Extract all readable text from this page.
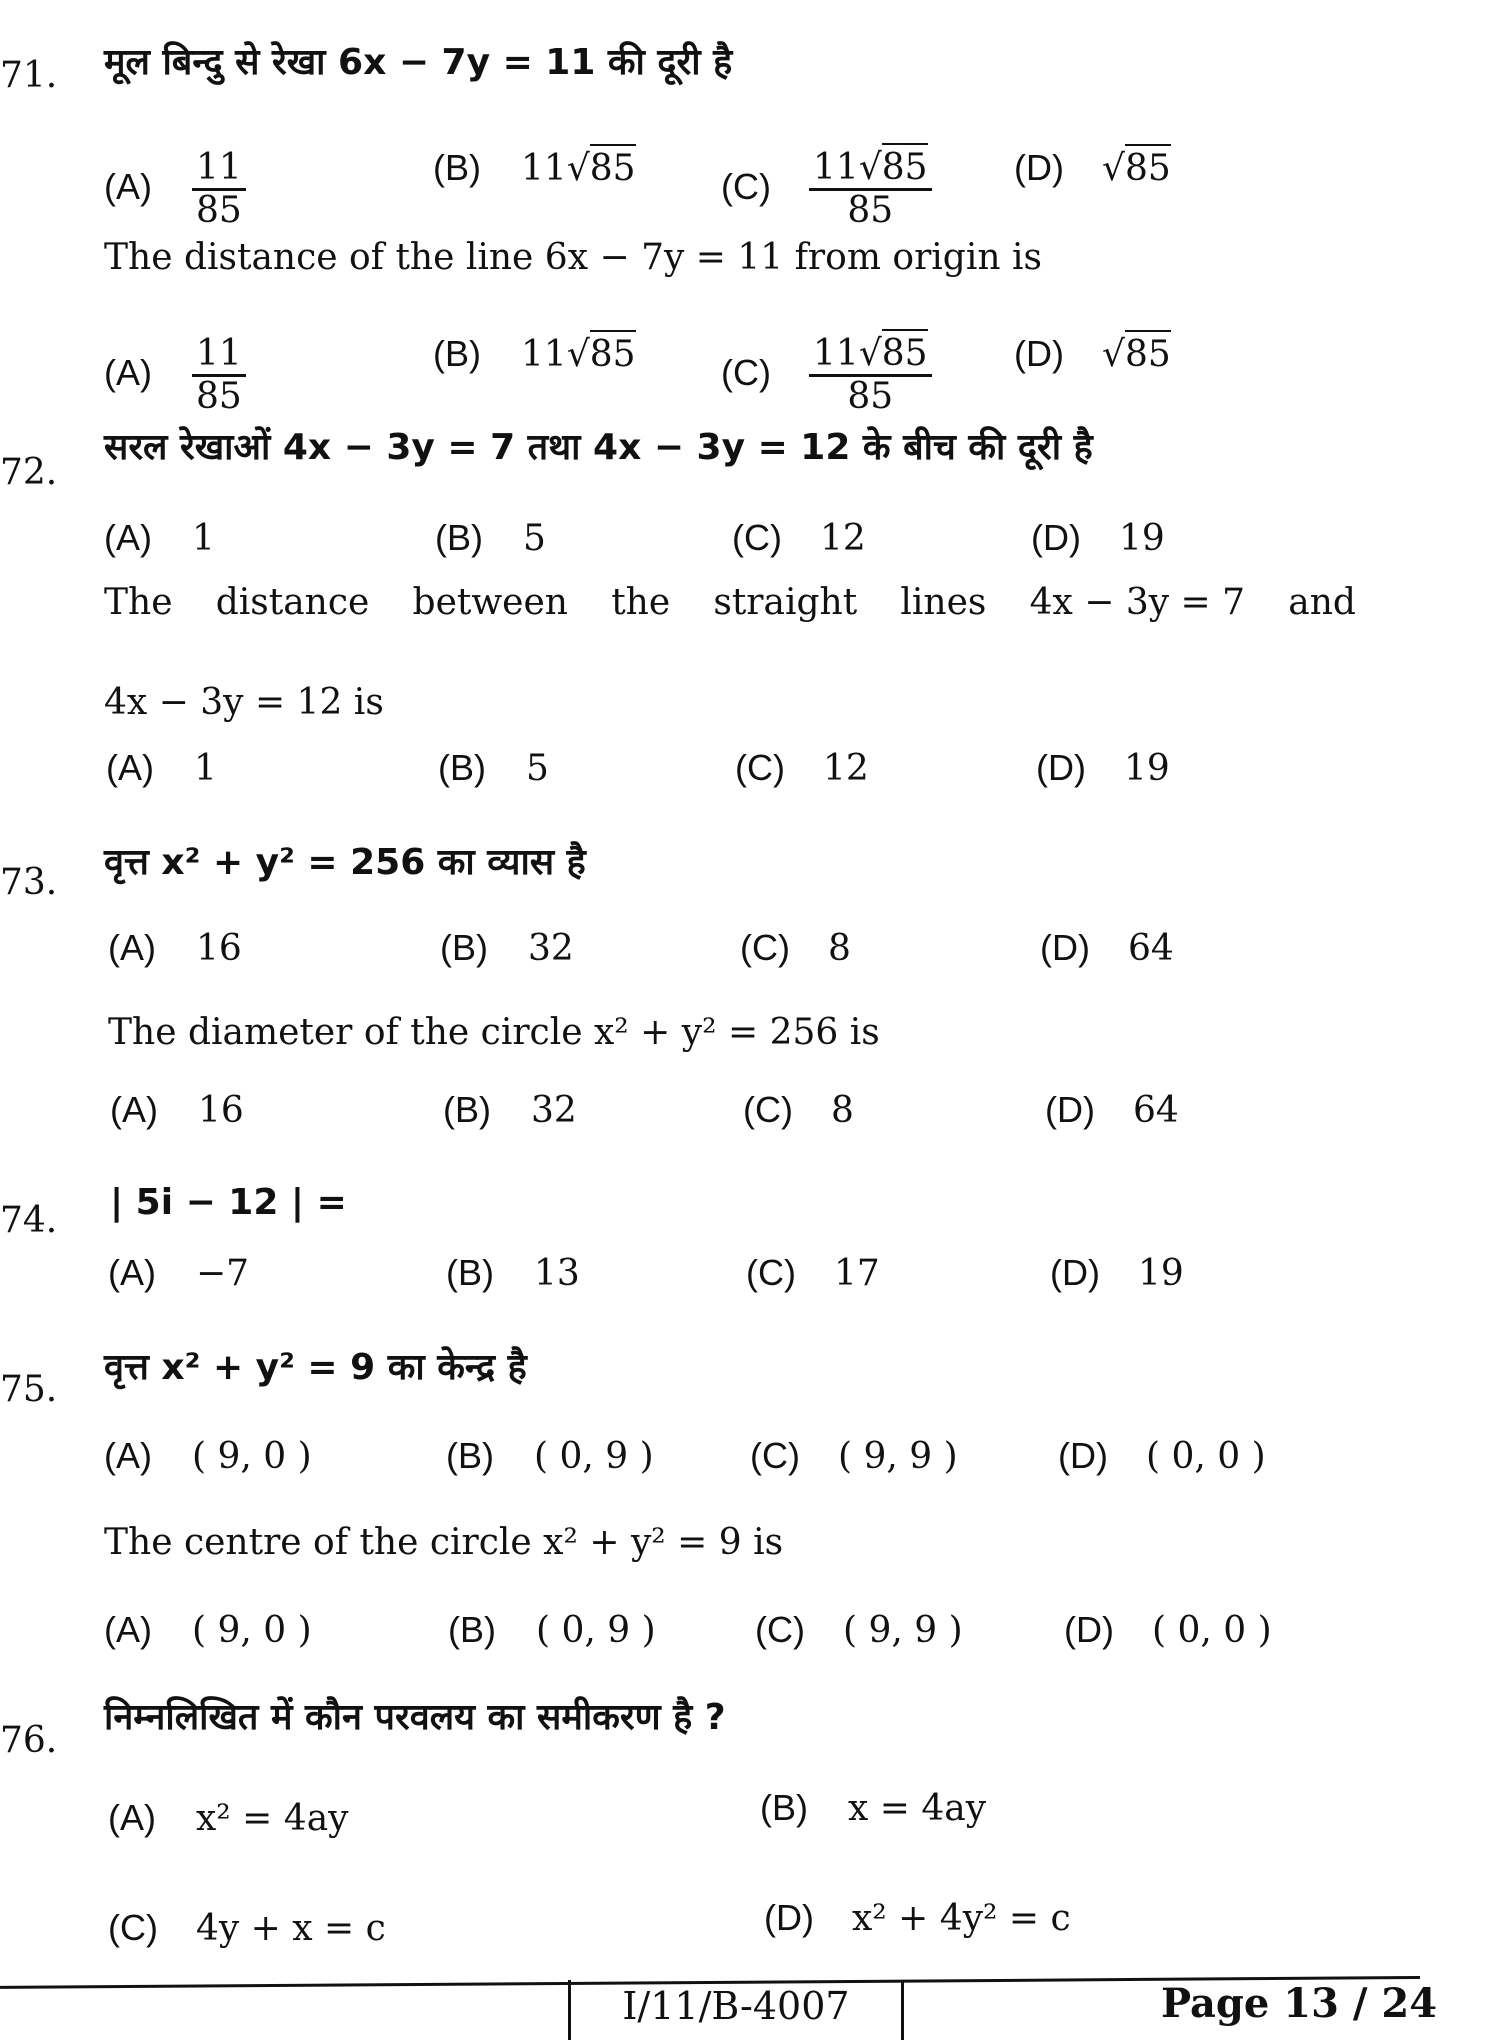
71. मूल बिन्दु से रेखा 6x − 7y = 11 की दूरी है
The distance of the line 6x − 7y = 11 from origin is
$(A) \frac{11}{85}$	(B) 11√85 $(C) \frac{11√85}{85} (D)$ √85
$(A) \frac{11}{85}$	(B) 11√85 $(C) \frac{11√85}{85} (D)$ √85
72.
सरल रेखाओं 4x − 3y = 7 तथा 4x − 3y = 12 के बीच की दूरी है
The distance between the straight lines 4x − 3y = 7 and
4x − 3y = 12 is
(A) 1	(B) 5	(C) 12	(D) 19
(A) 1	(B) 5	(C) 12	(D) 19
73. वृत्त x² + y² = 256 का व्यास है
The diameter of the circle x² + y² = 256 is
(A) 16	(B) 32	(C) 8	(D) 64
(A) 16	(B) 32	(C) 8	(D) 64
74. | 5i − 12 | =
(A) −7	(B) 13	(C) 17	(D) 19
75.
वृत्त x² + y² = 9 का केन्द्र है
The centre of the circle x² + y² = 9 is
(A) ( 9, 0 )	(B) ( 0, 9 )	(C) ( 9, 9 )	(D) ( 0, 0 )
(A) ( 9, 0 )	(B) ( 0, 9 )	(C) ( 9, 9 )	(D) ( 0, 0 )
76.
निम्नलिखित में कौन परवलय का समीकरण है ?
(A) x² = 4ay	(B) x = 4ay
(C) 4y + x = c	(D) x² + 4y² = c
I/11/B-4007	Page 13 / 24
